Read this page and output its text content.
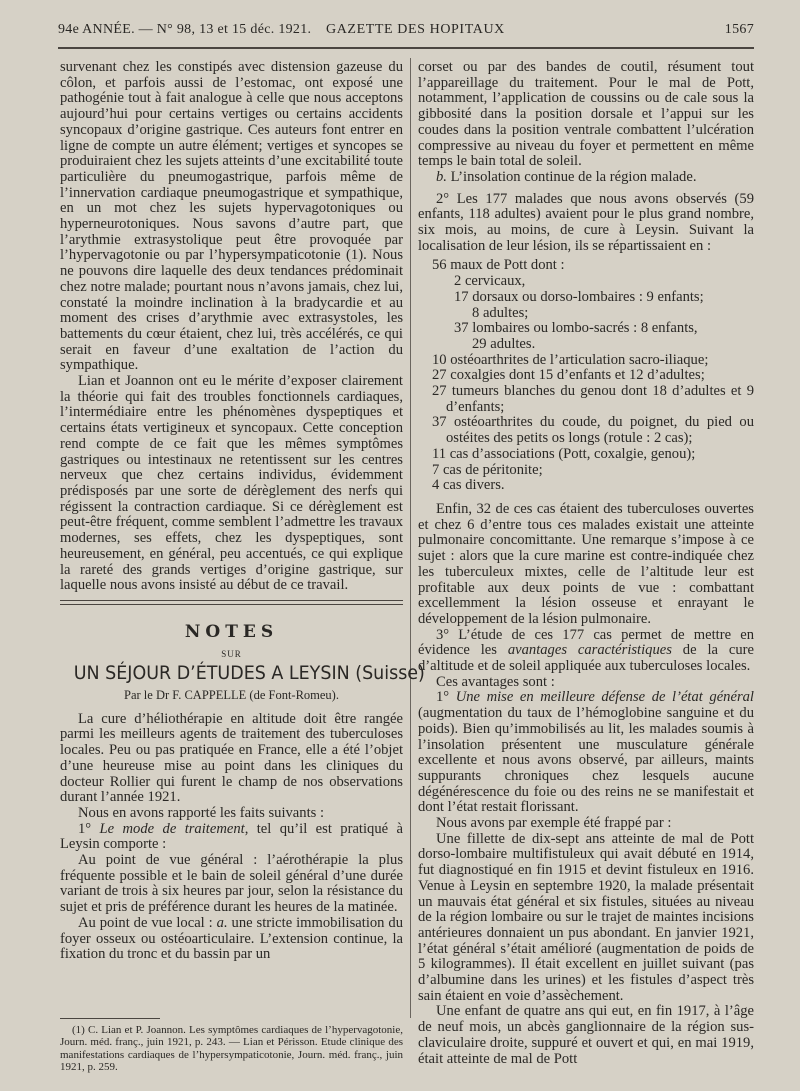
94e ANNÉE. — N° 98, 13 et 15 déc. 1921. GAZETTE DES HOPITAUX	1567

survenant chez les constipés avec distension gazeuse du côlon, et parfois aussi de l’estomac, ont exposé une pathogénie tout à fait analogue à celle que nous acceptons aujourd’hui pour certains vertiges ou certains accidents syncopaux d’origine gastrique. Ces auteurs font entrer en ligne de compte un autre élément; vertiges et syncopes se produiraient chez les sujets atteints d’une excitabilité toute particulière du pneumogastrique, parfois même de l’innervation cardiaque pneumogastrique et sympathique, en un mot chez les sujets hypervagotoniques ou hyperneurotoniques. Nous savons d’autre part, que l’arythmie extrasystolique peut être provoquée par l’hypervagotonie ou par l’hypersympaticotonie (1). Nous ne pouvons dire laquelle des deux tendances prédominait chez notre malade; pourtant nous n’avons jamais, chez lui, constaté la moindre inclination à la bradycardie et au moment des crises d’arythmie avec extrasystoles, les battements du cœur étaient, chez lui, très accélérés, ce qui serait en faveur d’une exaltation de l’action du sympathique.

Lian et Joannon ont eu le mérite d’exposer clairement la théorie qui fait des troubles fonctionnels cardiaques, l’intermédiaire entre les phénomènes dyspeptiques et certains états vertigineux et syncopaux. Cette conception rend compte de ce fait que les mêmes symptômes gastriques ou intestinaux ne retentissent sur les centres nerveux que chez certains individus, évidemment prédisposés par une sorte de dérèglement des nerfs qui régissent la contraction cardiaque. Si ce dérèglement est peut-être fréquent, comme semblent l’admettre les travaux modernes, ses effets, chez les dyspeptiques, sont heureusement, en général, peu accentués, ce qui explique la rareté des grands vertiges d’origine gastrique, sur laquelle nous avons insisté au début de ce travail.

NOTES
SUR
UN SÉJOUR D’ÉTUDES A LEYSIN (Suisse)
Par le Dr F. CAPPELLE (de Font-Romeu).

La cure d’héliothérapie en altitude doit être rangée parmi les meilleurs agents de traitement des tuberculoses locales. Peu ou pas pratiquée en France, elle a été l’objet d’une heureuse mise au point dans les cliniques du docteur Rollier qui furent le champ de nos observations durant l’année 1921.

Nous en avons rapporté les faits suivants :

1° Le mode de traitement, tel qu’il est pratiqué à Leysin comporte :

Au point de vue général : l’aérothérapie la plus fréquente possible et le bain de soleil général d’une durée variant de trois à six heures par jour, selon la résistance du sujet et pris de préférence durant les heures de la matinée.

Au point de vue local : a. une stricte immobilisation du foyer osseux ou ostéoarticulaire. L’extension continue, la fixation du tronc et du bassin par un

(1) C. Lian et P. Joannon. Les symptômes cardiaques de l’hypervagotonie, Journ. méd. franç., juin 1921, p. 243. — Lian et Périsson. Etude clinique des manifestations cardiaques de l’hypersympaticotonie, Journ. méd. franç., juin 1921, p. 259.

corset ou par des bandes de coutil, résument tout l’appareillage du traitement. Pour le mal de Pott, notamment, l’application de coussins ou de cale sous la gibbosité dans la position dorsale et l’appui sur les coudes dans la position ventrale combattent l’ulcération compressive au niveau du foyer et permettent en même temps le bain total de soleil.

b. L’insolation continue de la région malade.

2° Les 177 malades que nous avons observés (59 enfants, 118 adultes) avaient pour le plus grand nombre, six mois, au moins, de cure à Leysin. Suivant la localisation de leur lésion, ils se répartissaient en :

56 maux de Pott dont :

2 cervicaux,

17 dorsaux ou dorso-lombaires : 9 enfants;

8 adultes;

37 lombaires ou lombo-sacrés : 8 enfants,

29 adultes.

10 ostéoarthrites de l’articulation sacro-iliaque;

27 coxalgies dont 15 d’enfants et 12 d’adultes;

27 tumeurs blanches du genou dont 18 d’adultes et 9 d’enfants;

37 ostéoarthrites du coude, du poignet, du pied ou ostéites des petits os longs (rotule : 2 cas);

11 cas d’associations (Pott, coxalgie, genou);

7 cas de péritonite;

4 cas divers.

Enfin, 32 de ces cas étaient des tuberculoses ouvertes et chez 6 d’entre tous ces malades existait une atteinte pulmonaire concomittante. Une remarque s’impose à ce sujet : alors que la cure marine est contre-indiquée chez les tuberculeux mixtes, celle de l’altitude leur est profitable aux deux points de vue : combattant excellemment la lésion osseuse et enrayant le développement de la lésion pulmonaire.

3° L’étude de ces 177 cas permet de mettre en évidence les avantages caractéristiques de la cure d’altitude et de soleil appliquée aux tuberculoses locales.

Ces avantages sont :

1° Une mise en meilleure défense de l’état général (augmentation du taux de l’hémoglobine sanguine et du poids). Bien qu’immobilisés au lit, les malades soumis à l’insolation présentent une musculature générale excellente et nous avons observé, par ailleurs, maints suppurants chroniques chez lesquels aucune dégénérescence du foie ou des reins ne se manifestait et dont l’état restait florissant.

Nous avons par exemple été frappé par :

Une fillette de dix-sept ans atteinte de mal de Pott dorso-lombaire multifistuleux qui avait débuté en 1914, fut diagnostiqué en fin 1915 et devint fistuleux en 1916. Venue à Leysin en septembre 1920, la malade présentait un mauvais état général et six fistules, situées au niveau de la région lombaire ou sur le trajet de maintes incisions antérieures donnaient un pus abondant. En janvier 1921, l’état général s’était amélioré (augmentation de poids de 5 kilogrammes). Il était excellent en juillet suivant (pas d’albumine dans les urines) et les fistules d’aspect très sain étaient en voie d’assèchement.

Une enfant de quatre ans qui eut, en fin 1917, à l’âge de neuf mois, un abcès ganglionnaire de la région sus-claviculaire droite, suppuré et ouvert et qui, en mai 1919, était atteinte de mal de Pott
